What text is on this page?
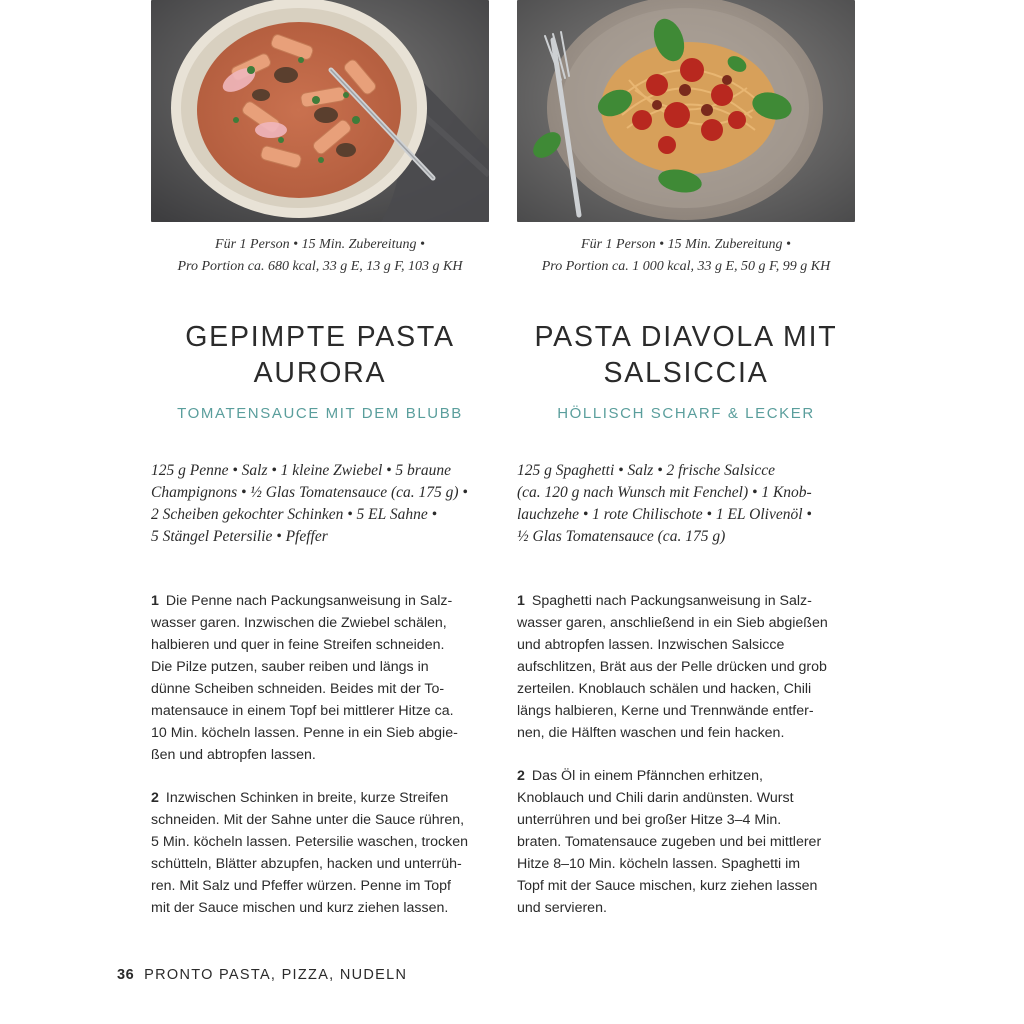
Für 1 Person • 15 Min. Zubereitung •
Pro Portion ca. 680 kcal, 33 g E, 13 g F, 103 g KH
GEPIMPTE PASTA
AURORA
TOMATENSAUCE MIT DEM BLUBB
125 g Penne • Salz • 1 kleine Zwiebel • 5 braune
Champignons • ½ Glas Tomatensauce (ca. 175 g) •
2 Scheiben gekochter Schinken • 5 EL Sahne •
5 Stängel Petersilie • Pfeffer
1 Die Penne nach Packungsanweisung in Salz-
wasser garen. Inzwischen die Zwiebel schälen,
halbieren und quer in feine Streifen schneiden.
Die Pilze putzen, sauber reiben und längs in
dünne Scheiben schneiden. Beides mit der To-
matensauce in einem Topf bei mittlerer Hitze ca.
10 Min. köcheln lassen. Penne in ein Sieb abgie-
ßen und abtropfen lassen.
2 Inzwischen Schinken in breite, kurze Streifen
schneiden. Mit der Sahne unter die Sauce rühren,
5 Min. köcheln lassen. Petersilie waschen, trocken
schütteln, Blätter abzupfen, hacken und unterrüh-
ren. Mit Salz und Pfeffer würzen. Penne im Topf
mit der Sauce mischen und kurz ziehen lassen.
Für 1 Person • 15 Min. Zubereitung •
Pro Portion ca. 1 000 kcal, 33 g E, 50 g F, 99 g KH
PASTA DIAVOLA MIT
SALSICCIA
HÖLLISCH SCHARF & LECKER
125 g Spaghetti • Salz • 2 frische Salsicce
(ca. 120 g nach Wunsch mit Fenchel) • 1 Knob-
lauchzehe • 1 rote Chilischote • 1 EL Olivenöl •
½ Glas Tomatensauce (ca. 175 g)
1 Spaghetti nach Packungsanweisung in Salz-
wasser garen, anschließend in ein Sieb abgießen
und abtropfen lassen. Inzwischen Salsicce
aufschlitzen, Brät aus der Pelle drücken und grob
zerteilen. Knoblauch schälen und hacken, Chili
längs halbieren, Kerne und Trennwände entfer-
nen, die Hälften waschen und fein hacken.
2 Das Öl in einem Pfännchen erhitzen,
Knoblauch und Chili darin andünsten. Wurst
unterrühren und bei großer Hitze 3–4 Min.
braten. Tomatensauce zugeben und bei mittlerer
Hitze 8–10 Min. köcheln lassen. Spaghetti im
Topf mit der Sauce mischen, kurz ziehen lassen
und servieren.
36 PRONTO PASTA, PIZZA, NUDELN
